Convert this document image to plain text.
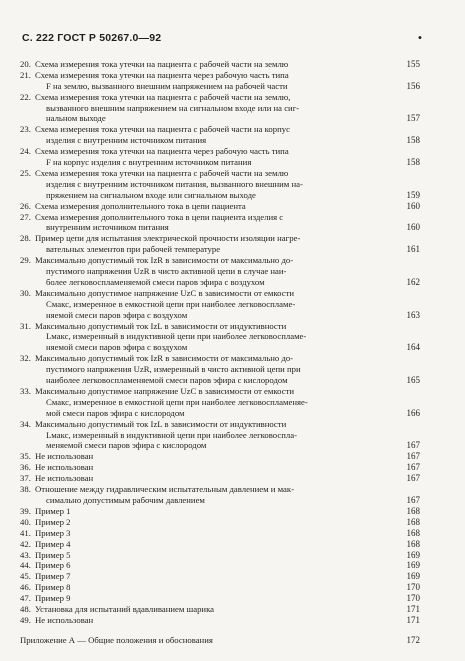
С. 222 ГОСТ Р 50267.0—92	•
20. Схема измерения тока утечки на пациента с рабочей части на землю	155
21. Схема измерения тока утечки на пациента через рабочую часть типа
F на землю, вызванного внешним напряжением на рабочей части	156
22. Схема измерения тока утечки на пациента с рабочей части на землю,
вызванного внешним напряжением на сигнальном входе или на сиг-
нальном выходе	157
23. Схема измерения тока утечки на пациента с рабочей части на корпус
изделия с внутренним источником питания	158
24. Схема измерения тока утечки на пациента через рабочую часть типа
F на корпус изделия с внутренним источником питания	158
25. Схема измерения тока утечки на пациента с рабочей части на землю
изделия с внутренним источником питания, вызванного внешним на-
пряжением на сигнальном входе или сигнальном выходе	159
26. Схема измерения дополнительного тока в цепи пациента	160
27. Схема измерения дополнительного тока в цепи пациента изделия с
внутренним источником питания	160
28. Пример цепи для испытания электрической прочности изоляции нагре-
вательных элементов при рабочей температуре	161
29. Максимально допустимый ток IzR в зависимости от максимально до-
пустимого напряжения UzR в чисто активной цепи в случае наи-
более легковоспламеняемой смеси паров эфира с воздухом	162
30. Максимально допустимое напряжение UzC в зависимости от емкости
Cмакс, измеренное в емкостной цепи при наиболее легковоспламе-
няемой смеси паров эфира с воздухом	163
31. Максимально допустимый ток IzL в зависимости от индуктивности
Lмакс, измеренный в индуктивной цепи при наиболее легковоспламе-
няемой смеси паров эфира с воздухом	164
32. Максимально допустимый ток IzR в зависимости от максимально до-
пустимого напряжения UzR, измеренный в чисто активной цепи при
наиболее легковоспламеняемой смеси паров эфира с кислородом	165
33. Максимально допустимое напряжение UzC в зависимости от емкости
Cмакс, измеренное в емкостной цепи при наиболее легковоспламеняе-
мой смеси паров эфира с кислородом	166
34. Максимально допустимый ток IzL в зависимости от индуктивности
Lмакс, измеренный в индуктивной цепи при наиболее легковоспла-
меняемой смеси паров эфира с кислородом	167
35. Не использован	167
36. Не использован	167
37. Не использован	167
38. Отношение между гидравлическим испытательным давлением и мак-
симально допустимым рабочим давлением	167
39. Пример 1	168
40. Пример 2	168
41. Пример 3	168
42. Пример 4	168
43. Пример 5	169
44. Пример 6	169
45. Пример 7	169
46. Пример 8	170
47. Пример 9	170
48. Установка для испытаний вдавливанием шарика	171
49. Не использован	171
Приложение А — Общие положения и обоснования	172
